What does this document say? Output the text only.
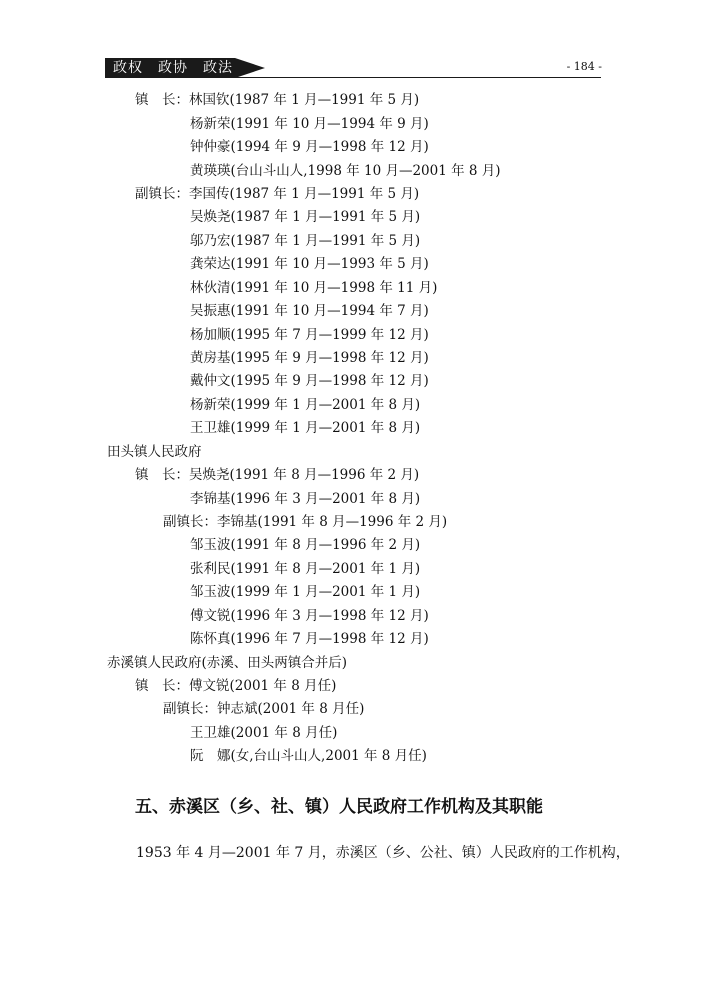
政权　政协　政法	- 184 -
镇　长：林国钦(1987 年 1 月—1991 年 5 月)
杨新荣(1991 年 10 月—1994 年 9 月)
钟仲豪(1994 年 9 月—1998 年 12 月)
黄瑛瑛(台山斗山人,1998 年 10 月—2001 年 8 月)
副镇长：李国传(1987 年 1 月—1991 年 5 月)
吴焕尧(1987 年 1 月—1991 年 5 月)
邬乃宏(1987 年 1 月—1991 年 5 月)
龚荣达(1991 年 10 月—1993 年 5 月)
林伙清(1991 年 10 月—1998 年 11 月)
吴振惠(1991 年 10 月—1994 年 7 月)
杨加顺(1995 年 7 月—1999 年 12 月)
黄房基(1995 年 9 月—1998 年 12 月)
戴仲文(1995 年 9 月—1998 年 12 月)
杨新荣(1999 年 1 月—2001 年 8 月)
王卫雄(1999 年 1 月—2001 年 8 月)
田头镇人民政府
镇　长：吴焕尧(1991 年 8 月—1996 年 2 月)
李锦基(1996 年 3 月—2001 年 8 月)
副镇长：李锦基(1991 年 8 月—1996 年 2 月)
邹玉波(1991 年 8 月—1996 年 2 月)
张利民(1991 年 8 月—2001 年 1 月)
邹玉波(1999 年 1 月—2001 年 1 月)
傅文锐(1996 年 3 月—1998 年 12 月)
陈怀真(1996 年 7 月—1998 年 12 月)
赤溪镇人民政府(赤溪、田头两镇合并后)
镇　长：傅文锐(2001 年 8 月任)
副镇长：钟志斌(2001 年 8 月任)
王卫雄(2001 年 8 月任)
阮　娜(女,台山斗山人,2001 年 8 月任)
五、赤溪区（乡、社、镇）人民政府工作机构及其职能
1953 年 4 月—2001 年 7 月，赤溪区（乡、公社、镇）人民政府的工作机构，
